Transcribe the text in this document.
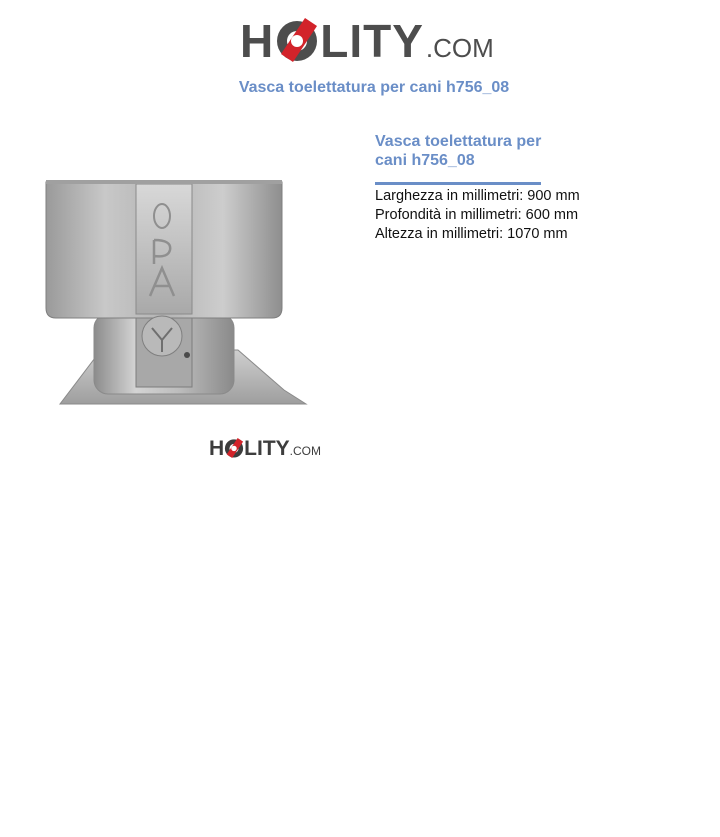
H LITY .COM
Vasca toelettatura per cani h756_08
H LITY .COM
Vasca toelettatura per cani h756_08
Larghezza in millimetri: 900 mm
Profondità in millimetri: 600 mm
Altezza in millimetri: 1070 mm
